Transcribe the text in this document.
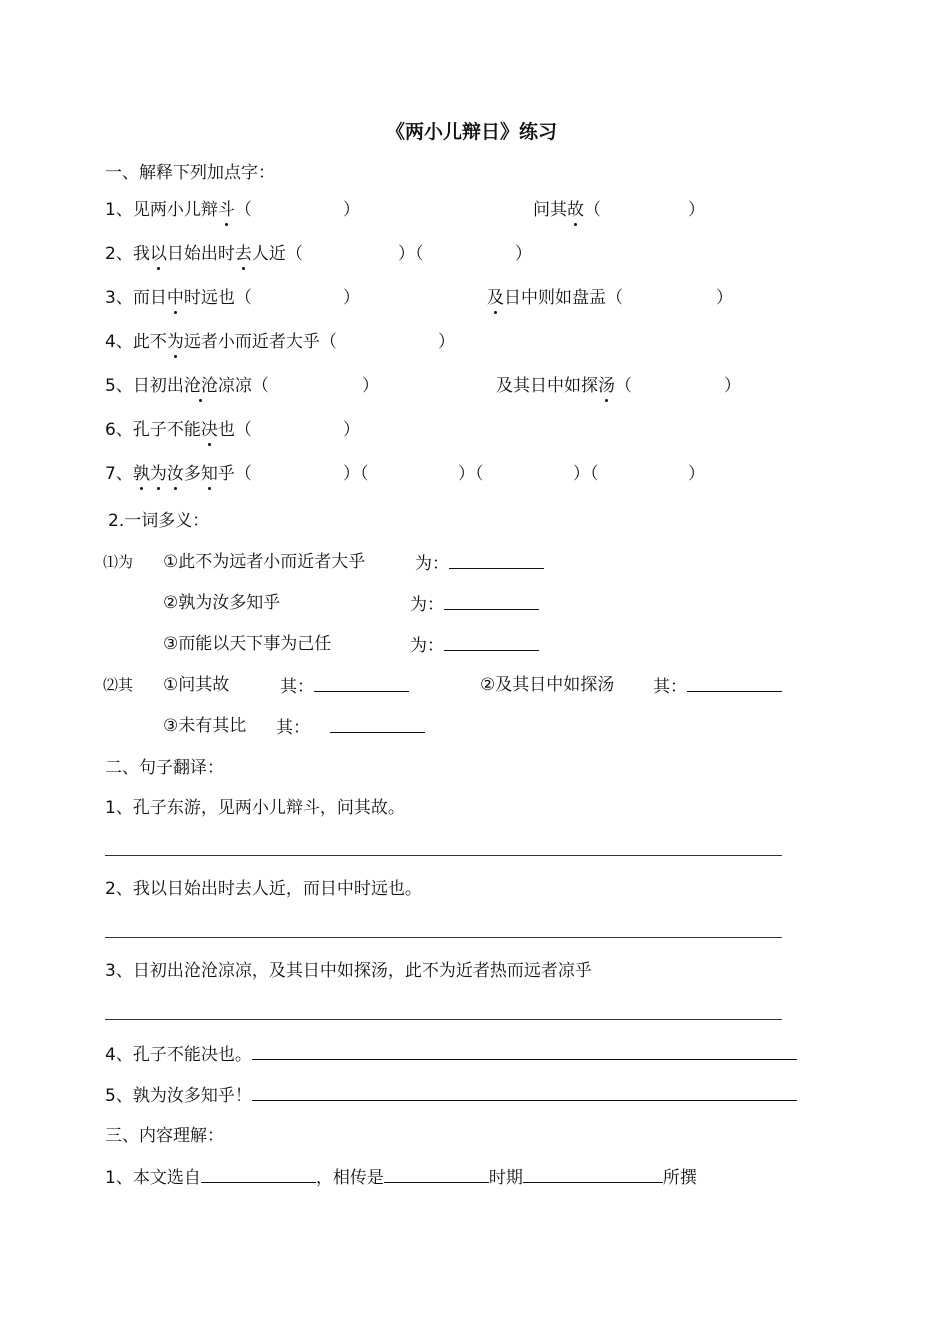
《两小儿辩日》练习
一、解释下列加点字：
1、见两小儿辩斗（	）	问其故（	）
2、我以日始出时去人近（	）（	）
3、而日中时远也（	）	及日中则如盘盂（	）
4、此不为远者小而近者大乎（	）
5、日初出沧沧凉凉（	）	及其日中如探汤（	）
6、孔子不能决也（	）
7、孰为汝多知乎（	）（	）（	）（	）
2.一词多义：
⑴为 ①此不为远者小而近者大乎	为：
②孰为汝多知乎	为：
③而能以天下事为己任	为：
⑵其 ①问其故	其：	②及其日中如探汤 其：
③未有其比 其：
二、句子翻译：
1、孔子东游，见两小儿辩斗，问其故。
2、我以日始出时去人近，而日中时远也。
3、日初出沧沧凉凉，及其日中如探汤，此不为近者热而远者凉乎
4、孔子不能决也。
5、孰为汝多知乎！
三、内容理解：
1、本文选自	，相传是	时期	所撰
